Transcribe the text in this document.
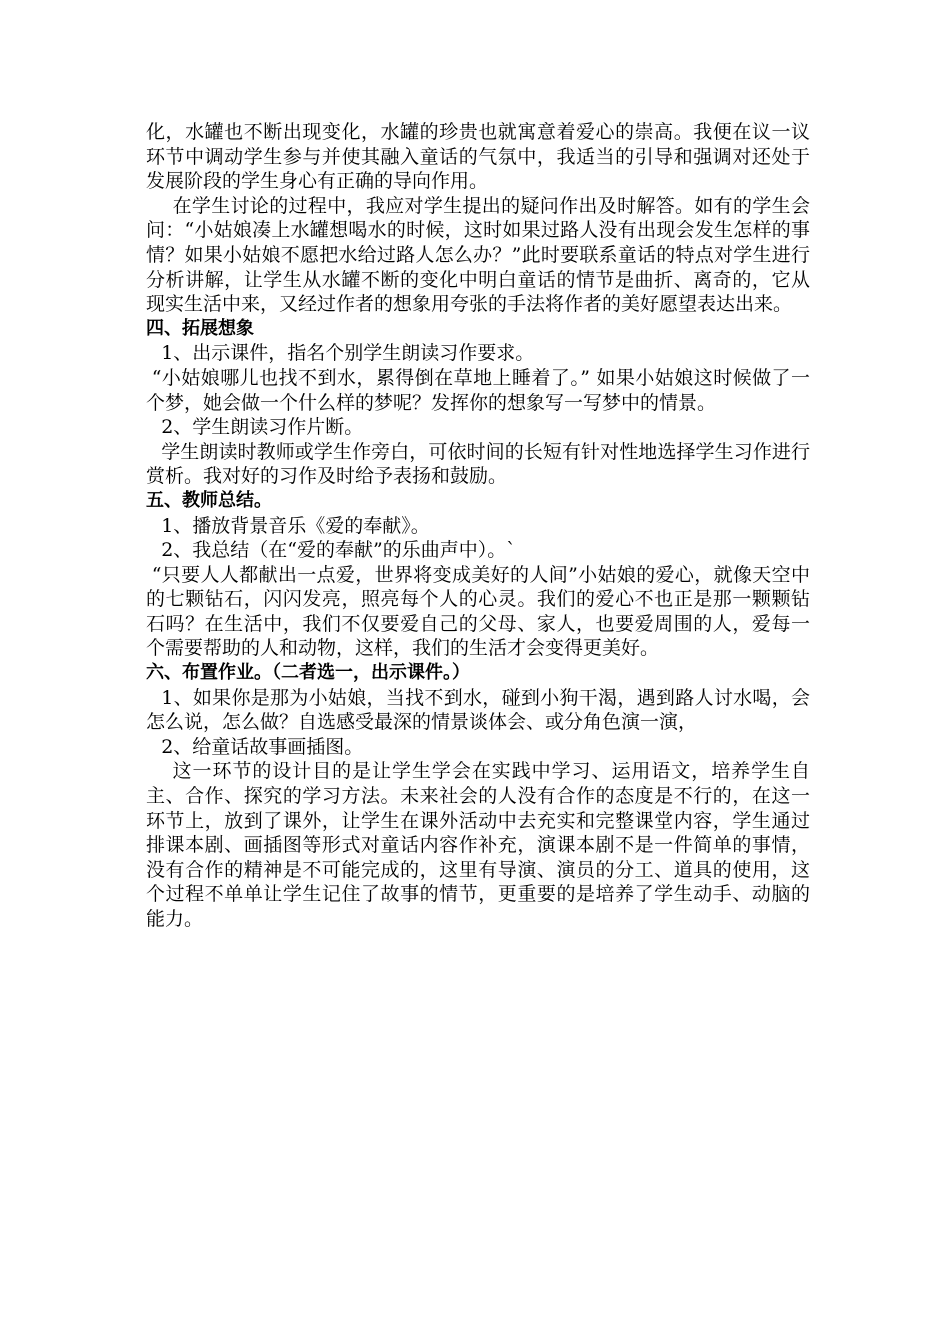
化，水罐也不断出现变化，水罐的珍贵也就寓意着爱心的崇高。我便在议一议环节中调动学生参与并使其融入童话的气氛中，我适当的引导和强调对还处于发展阶段的学生身心有正确的导向作用。

在学生讨论的过程中，我应对学生提出的疑问作出及时解答。如有的学生会问：“小姑娘凑上水罐想喝水的时候，这时如果过路人没有出现会发生怎样的事情？如果小姑娘不愿把水给过路人怎么办？”此时要联系童话的特点对学生进行分析讲解，让学生从水罐不断的变化中明白童话的情节是曲折、离奇的，它从现实生活中来，又经过作者的想象用夸张的手法将作者的美好愿望表达出来。

四、拓展想象

1、出示课件，指名个别学生朗读习作要求。

“小姑娘哪儿也找不到水，累得倒在草地上睡着了。” 如果小姑娘这时候做了一个梦，她会做一个什么样的梦呢？发挥你的想象写一写梦中的情景。

2、学生朗读习作片断。

学生朗读时教师或学生作旁白，可依时间的长短有针对性地选择学生习作进行赏析。我对好的习作及时给予表扬和鼓励。

五、教师总结。

1、播放背景音乐《爱的奉献》。

2、我总结（在“爱的奉献”的乐曲声中）。`

“只要人人都献出一点爱，世界将变成美好的人间”小姑娘的爱心，就像天空中的七颗钻石，闪闪发亮，照亮每个人的心灵。我们的爱心不也正是那一颗颗钻石吗？在生活中，我们不仅要爱自己的父母、家人，也要爱周围的人，爱每一个需要帮助的人和动物，这样，我们的生活才会变得更美好。

六、布置作业。（二者选一，出示课件。）

1、如果你是那为小姑娘，当找不到水，碰到小狗干渴，遇到路人讨水喝，会怎么说，怎么做？自选感受最深的情景谈体会、或分角色演一演，

2、给童话故事画插图。

这一环节的设计目的是让学生学会在实践中学习、运用语文，培养学生自主、合作、探究的学习方法。未来社会的人没有合作的态度是不行的，在这一环节上，放到了课外，让学生在课外活动中去充实和完整课堂内容，学生通过排课本剧、画插图等形式对童话内容作补充，演课本剧不是一件简单的事情，没有合作的精神是不可能完成的，这里有导演、演员的分工、道具的使用，这个过程不单单让学生记住了故事的情节，更重要的是培养了学生动手、动脑的能力。
